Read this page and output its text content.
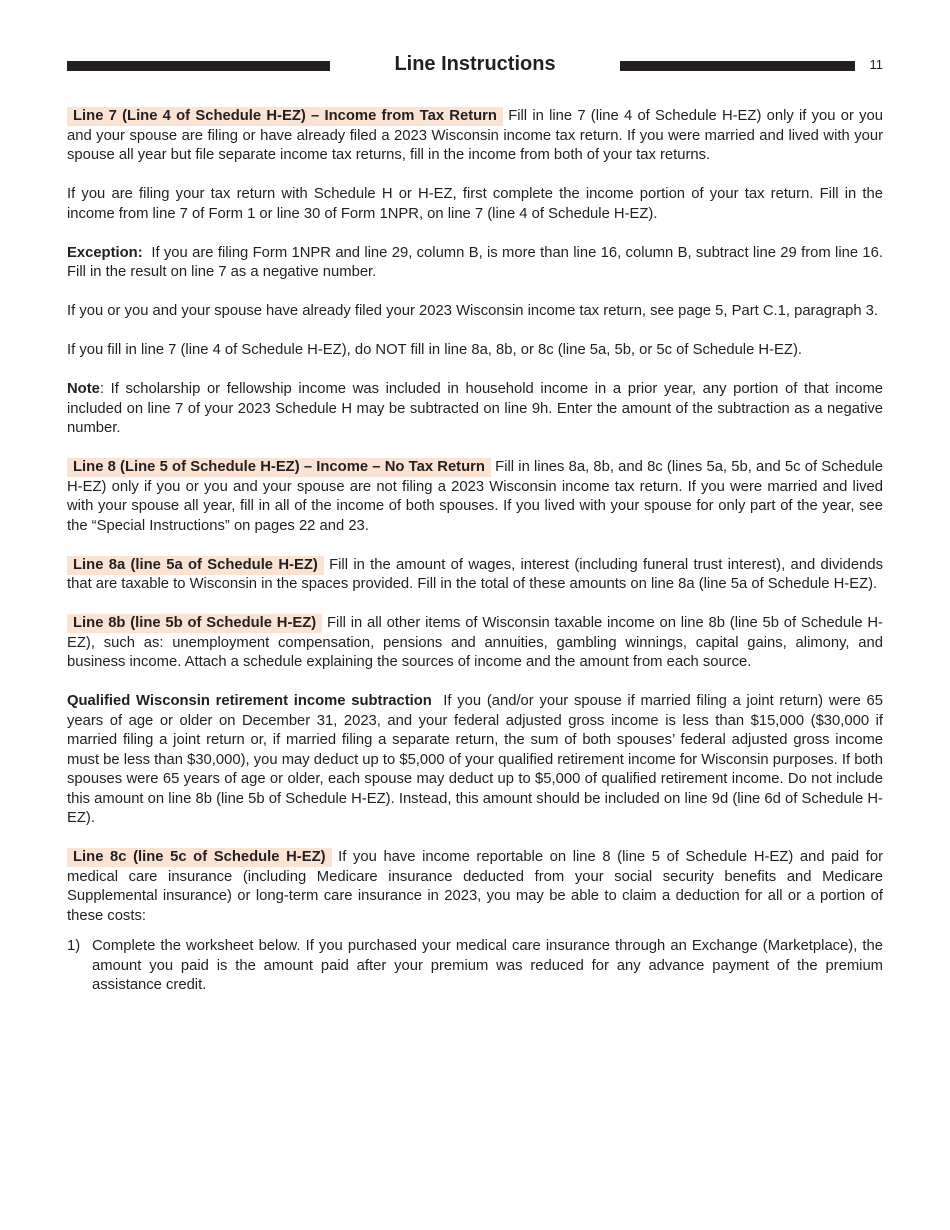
Line Instructions	11

Line 7 (Line 4 of Schedule H-EZ) – Income from Tax Return Fill in line 7 (line 4 of Schedule H-EZ) only if you or you and your spouse are filing or have already filed a 2023 Wisconsin income tax return. If you were married and lived with your spouse all year but file separate income tax returns, fill in the income from both of your tax returns.

If you are filing your tax return with Schedule H or H-EZ, first complete the income portion of your tax return. Fill in the income from line 7 of Form 1 or line 30 of Form 1NPR, on line 7 (line 4 of Schedule H-EZ).

Exception: If you are filing Form 1NPR and line 29, column B, is more than line 16, column B, subtract line 29 from line 16. Fill in the result on line 7 as a negative number.

If you or you and your spouse have already filed your 2023 Wisconsin income tax return, see page 5, Part C.1, paragraph 3.

If you fill in line 7 (line 4 of Schedule H-EZ), do NOT fill in line 8a, 8b, or 8c (line 5a, 5b, or 5c of Schedule H-EZ).

Note: If scholarship or fellowship income was included in household income in a prior year, any portion of that income included on line 7 of your 2023 Schedule H may be subtracted on line 9h. Enter the amount of the subtraction as a negative number.

Line 8 (Line 5 of Schedule H-EZ) – Income – No Tax Return Fill in lines 8a, 8b, and 8c (lines 5a, 5b, and 5c of Schedule H-EZ) only if you or you and your spouse are not filing a 2023 Wisconsin income tax return. If you were married and lived with your spouse all year, fill in all of the income of both spouses. If you lived with your spouse for only part of the year, see the “Special Instructions” on pages 22 and 23.

Line 8a (line 5a of Schedule H-EZ) Fill in the amount of wages, interest (including funeral trust interest), and dividends that are taxable to Wisconsin in the spaces provided. Fill in the total of these amounts on line 8a (line 5a of Schedule H-EZ).

Line 8b (line 5b of Schedule H-EZ) Fill in all other items of Wisconsin taxable income on line 8b (line 5b of Schedule H-EZ), such as: unemployment compensation, pensions and annuities, gambling winnings, capital gains, alimony, and business income. Attach a schedule explaining the sources of income and the amount from each source.

Qualified Wisconsin retirement income subtraction If you (and/or your spouse if married filing a joint return) were 65 years of age or older on December 31, 2023, and your federal adjusted gross income is less than $15,000 ($30,000 if married filing a joint return or, if married filing a separate return, the sum of both spouses’ federal adjusted gross income must be less than $30,000), you may deduct up to $5,000 of your qualified retirement income for Wisconsin purposes. If both spouses were 65 years of age or older, each spouse may deduct up to $5,000 of qualified retirement income. Do not include this amount on line 8b (line 5b of Schedule H-EZ). Instead, this amount should be included on line 9d (line 6d of Schedule H-EZ).

Line 8c (line 5c of Schedule H-EZ) If you have income reportable on line 8 (line 5 of Schedule H-EZ) and paid for medical care insurance (including Medicare insurance deducted from your social security benefits and Medicare Supplemental insurance) or long-term care insurance in 2023, you may be able to claim a deduction for all or a portion of these costs:

1) Complete the worksheet below. If you purchased your medical care insurance through an Exchange (Marketplace), the amount you paid is the amount paid after your premium was reduced for any advance payment of the premium assistance credit.
